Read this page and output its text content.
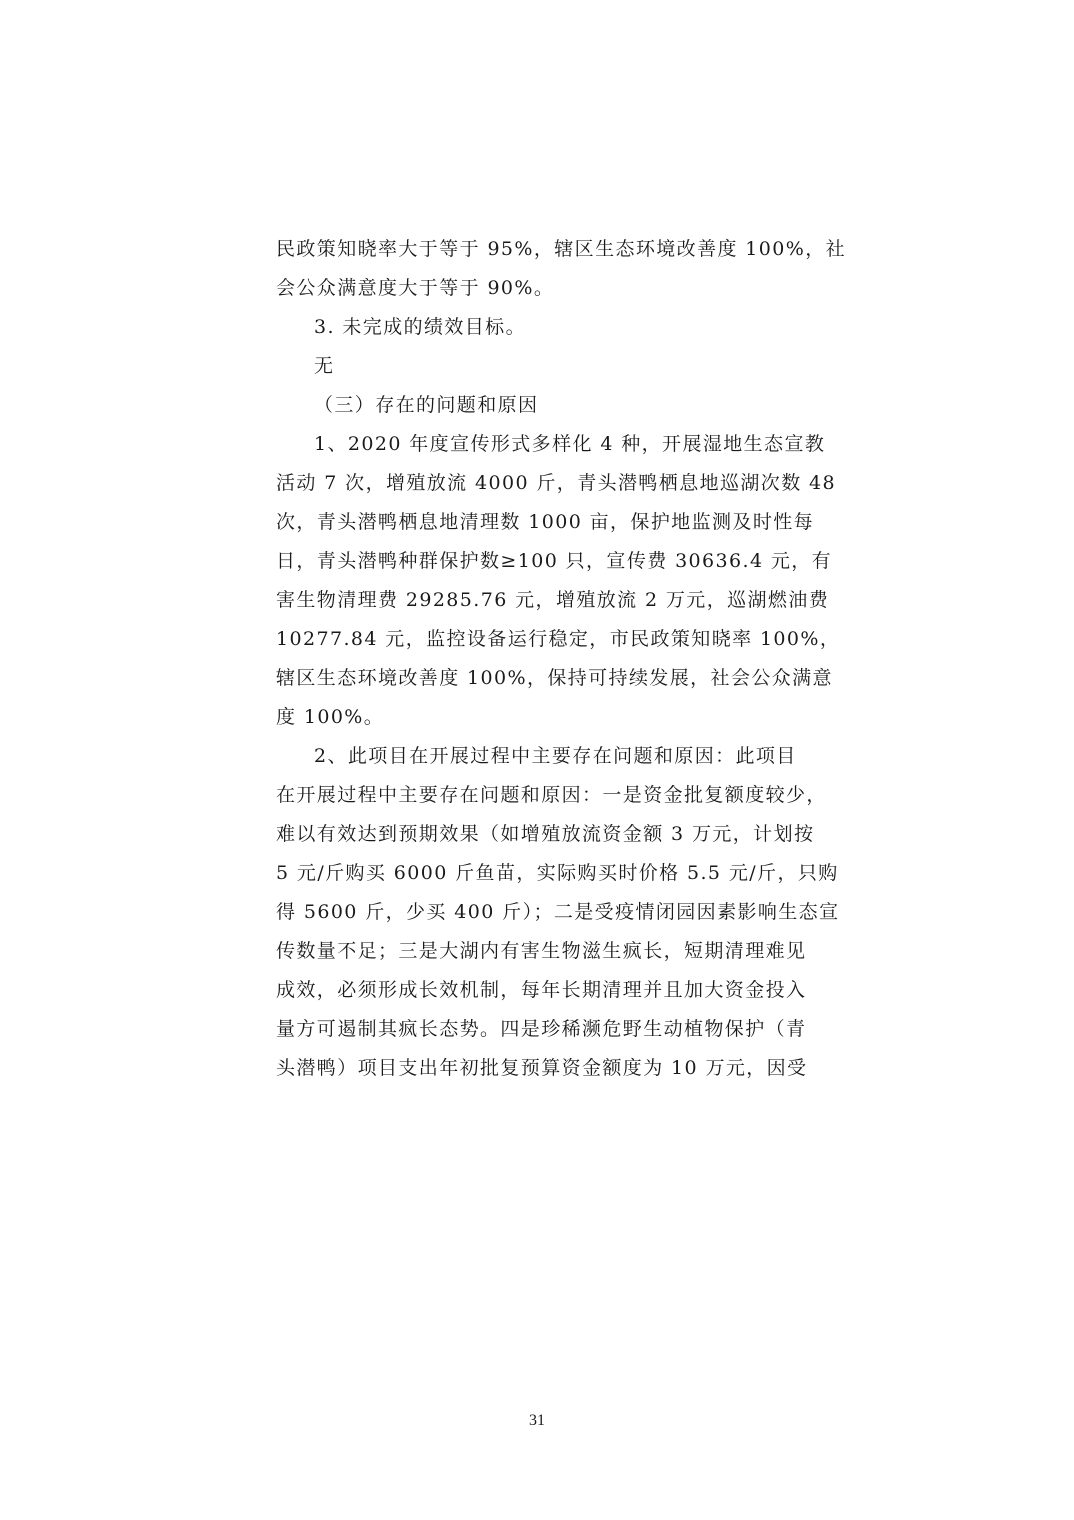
民政策知晓率大于等于 95%，辖区生态环境改善度 100%，社
会公众满意度大于等于 90%。
3. 未完成的绩效目标。
无
（三）存在的问题和原因
1、2020 年度宣传形式多样化 4 种，开展湿地生态宣教
活动 7 次，增殖放流 4000 斤，青头潜鸭栖息地巡湖次数 48
次，青头潜鸭栖息地清理数 1000 亩，保护地监测及时性每
日，青头潜鸭种群保护数≥100 只，宣传费 30636.4 元，有
害生物清理费 29285.76 元，增殖放流 2 万元，巡湖燃油费
10277.84 元，监控设备运行稳定，市民政策知晓率 100%，
辖区生态环境改善度 100%，保持可持续发展，社会公众满意
度 100%。
2、此项目在开展过程中主要存在问题和原因：此项目
在开展过程中主要存在问题和原因：一是资金批复额度较少，
难以有效达到预期效果（如增殖放流资金额 3 万元，计划按
5 元/斤购买 6000 斤鱼苗，实际购买时价格 5.5 元/斤，只购
得 5600 斤，少买 400 斤）；二是受疫情闭园因素影响生态宣
传数量不足；三是大湖内有害生物滋生疯长，短期清理难见
成效，必须形成长效机制，每年长期清理并且加大资金投入
量方可遏制其疯长态势。四是珍稀濒危野生动植物保护（青
头潜鸭）项目支出年初批复预算资金额度为 10 万元，因受
31
